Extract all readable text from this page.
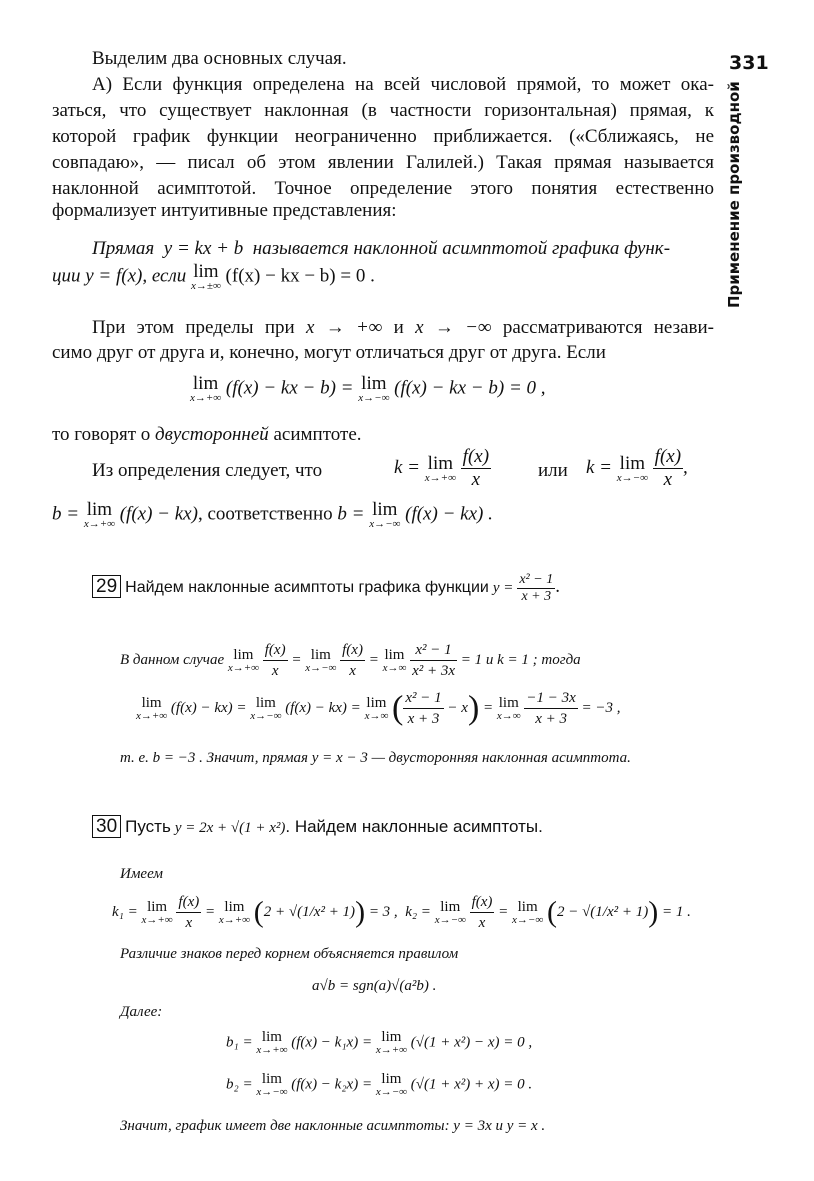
331
Применение производной
Выделим два основных случая.
А) Если функция определена на всей числовой прямой, то может ока-
заться, что существует наклонная (в частности горизонтальная) прямая, к
которой график функции неограниченно приближается. («Сближаясь, не
совпадаю», — писал об этом явлении Галилей.) Такая прямая называется
наклонной асимптотой. Точное определение этого понятия естественно
формализует интуитивные представления:
Прямая y = kx + b называется наклонной асимптотой графика функ-
ции y = f(x), если lim
x→±∞ (f(x) − kx − b) = 0 .
При этом пределы при x → +∞ и x → −∞ рассматриваются незави-
симо друг от друга и, конечно, могут отличаться друг от друга. Если
lim
x→+∞ (f(x) − kx − b) = lim
x→−∞ (f(x) − kx − b) = 0 ,
то говорят о двусторонней асимптоте.
Из определения следует, что	k = lim
x→+∞
$\frac{f(x)}{x}$ или k = lim
x→−∞
$\frac{f(x)}{x}$ ,
b = lim
x→+∞ (f(x) − kx), соответственно b = lim
x→−∞ (f(x) − kx) .
29 Найдем наклонные асимптоты графика функции $y = \frac{\text{x² − 1}}{x + 3}$ .
В данном случае lim
x→+∞
$\frac{f(x)}{x} = \lim$
x→−∞
$\frac{f(x)}{x} = \lim$
x→∞
$\frac{\text{x² − 1}}{\text{x² + 3x}} = 1$ и k = 1 ; тогда
lim
x→+∞ (f(x) − kx) = lim
x→−∞ (f(x) − kx) = lim
x→∞ ( $\frac{\text{x² − 1}}{x + 3} - x) = \lim$
x→∞
$\frac{-1 - 3x}{x + 3} = -3$ ,
т. е. b = −3 . Значит, прямая y = x − 3 — двусторонняя наклонная асимптота.
30 Пусть y = 2x + √(1 + x²). Найдем наклонные асимптоты.
Имеем
k₁ = lim
x→+∞
$\frac{f(x)}{x} = \lim$
x→+∞ (2 + √(1/x² + 1)) = 3 , k₂ = lim
x→−∞
$\frac{f(x)}{x} = \lim$
x→−∞ (2 − √(1/x² + 1)) = 1 .
Различие знаков перед корнем объясняется правилом
a√b = sgn(a)√(a²b) .
Далее:
b₁ = lim
x→+∞ (f(x) − k₁x) = lim
x→+∞ (√(1 + x²) − x) = 0 ,
b₂ = lim
x→−∞ (f(x) − k₂x) = lim
x→−∞ (√(1 + x²) + x) = 0 .
Значит, график имеет две наклонные асимптоты: y = 3x и y = x .
